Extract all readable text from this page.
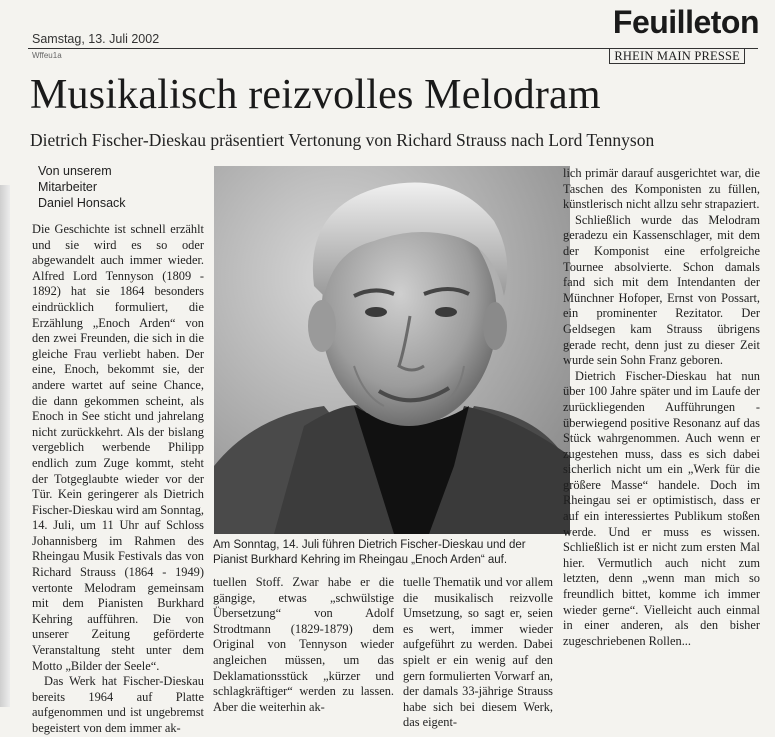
Samstag, 13. Juli 2002
Wffeu1a
Feuilleton
RHEIN MAIN PRESSE
Musikalisch reizvolles Melodram
Dietrich Fischer-Dieskau präsentiert Vertonung von Richard Strauss nach Lord Tennyson
Von unserem
Mitarbeiter
Daniel Honsack

Die Geschichte ist schnell erzählt und sie wird es so oder abgewandelt auch immer wieder. Alfred Lord Tennyson (1809 - 1892) hat sie 1864 besonders eindrücklich formuliert, die Erzählung „Enoch Arden“ von den zwei Freunden, die sich in die gleiche Frau verliebt haben. Der eine, Enoch, bekommt sie, der andere wartet auf seine Chance, die dann gekommen scheint, als Enoch in See sticht und jahrelang nicht zurückkehrt. Als der bislang vergeblich werbende Philipp endlich zum Zuge kommt, steht der Totgeglaubte wieder vor der Tür. Kein geringerer als Dietrich Fischer-Dieskau wird am Sonntag, 14. Juli, um 11 Uhr auf Schloss Johannisberg im Rahmen des Rheingau Musik Festivals das von Richard Strauss (1864 - 1949) vertonte Melodram gemeinsam mit dem Pianisten Burkhard Kehring aufführen. Die von unserer Zeitung geförderte Veranstaltung steht unter dem Motto „Bilder der Seele“.

Das Werk hat Fischer-Dieskau bereits 1964 auf Platte aufgenommen und ist ungebremst begeistert von dem immer ak-

Am Sonntag, 14. Juli führen Dietrich Fischer-Dieskau und der Pianist Burkhard Kehring im Rheingau „Enoch Arden“ auf.

tuellen Stoff. Zwar habe er die gängige, etwas „schwülstige Übersetzung“ von Adolf Strodtmann (1829-1879) dem Original von Tennyson wieder angleichen müssen, um das Deklamationsstück „kürzer und schlagkräftiger“ werden zu lassen. Aber die weiterhin ak-

tuelle Thematik und vor allem die musikalisch reizvolle Umsetzung, so sagt er, seien es wert, immer wieder aufgeführt zu werden. Dabei spielt er ein wenig auf den gern formulierten Vorwarf an, der damals 33-jährige Strauss habe sich bei diesem Werk, das eigent-

lich primär darauf ausgerichtet war, die Taschen des Komponisten zu füllen, künstlerisch nicht allzu sehr strapaziert.

Schließlich wurde das Melodram geradezu ein Kassenschlager, mit dem der Komponist eine erfolgreiche Tournee absolvierte. Schon damals fand sich mit dem Intendanten der Münchner Hofoper, Ernst von Possart, ein prominenter Rezitator. Der Geldsegen kam Strauss übrigens gerade recht, denn just zu dieser Zeit wurde sein Sohn Franz geboren.

Dietrich Fischer-Dieskau hat nun über 100 Jahre später und im Laufe der zurückliegenden Aufführungen - überwiegend positive Resonanz auf das Stück wahrgenommen. Auch wenn er zugestehen muss, dass es sich dabei sicherlich nicht um ein „Werk für die größere Masse“ handele. Doch im Rheingau sei er optimistisch, dass er auf ein interessiertes Publikum stoßen werde. Und er muss es wissen. Schließlich ist er nicht zum ersten Mal hier. Vermutlich auch nicht zum letzten, denn „wenn man mich so freundlich bittet, komme ich immer wieder gerne“. Vielleicht auch einmal in einer anderen, als den bisher zugeschriebenen Rollen...
